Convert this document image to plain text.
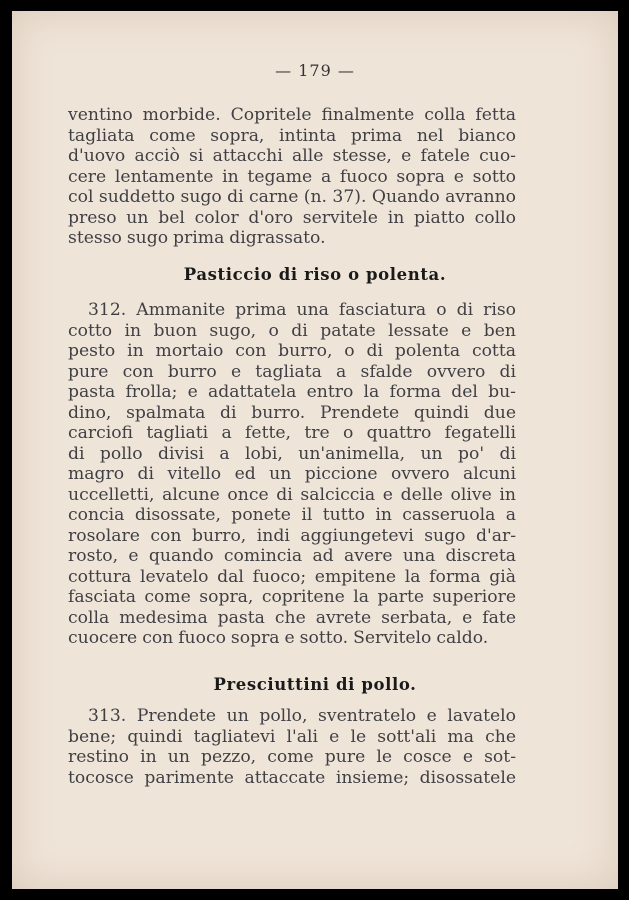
— 179 —
ventino morbide. Copritele finalmente colla fetta
tagliata come sopra, intinta prima nel bianco
d'uovo acciò si attacchi alle stesse, e fatele cuo-
cere lentamente in tegame a fuoco sopra e sotto
col suddetto sugo di carne (n. 37). Quando avranno
preso un bel color d'oro servitele in piatto collo
stesso sugo prima digrassato.
Pasticcio di riso o polenta.
312. Ammanite prima una fasciatura o di riso
cotto in buon sugo, o di patate lessate e ben
pesto in mortaio con burro, o di polenta cotta
pure con burro e tagliata a sfalde ovvero di
pasta frolla; e adattatela entro la forma del bu-
dino, spalmata di burro. Prendete quindi due
carciofi tagliati a fette, tre o quattro fegatelli
di pollo divisi a lobi, un'animella, un po' di
magro di vitello ed un piccione ovvero alcuni
uccelletti, alcune once di salciccia e delle olive in
concia disossate, ponete il tutto in casseruola a
rosolare con burro, indi aggiungetevi sugo d'ar-
rosto, e quando comincia ad avere una discreta
cottura levatelo dal fuoco; empitene la forma già
fasciata come sopra, copritene la parte superiore
colla medesima pasta che avrete serbata, e fate
cuocere con fuoco sopra e sotto. Servitelo caldo.
Presciuttini di pollo.
313. Prendete un pollo, sventratelo e lavatelo
bene; quindi tagliatevi l'ali e le sott'ali ma che
restino in un pezzo, come pure le cosce e sot-
tocosce parimente attaccate insieme; disossatele
